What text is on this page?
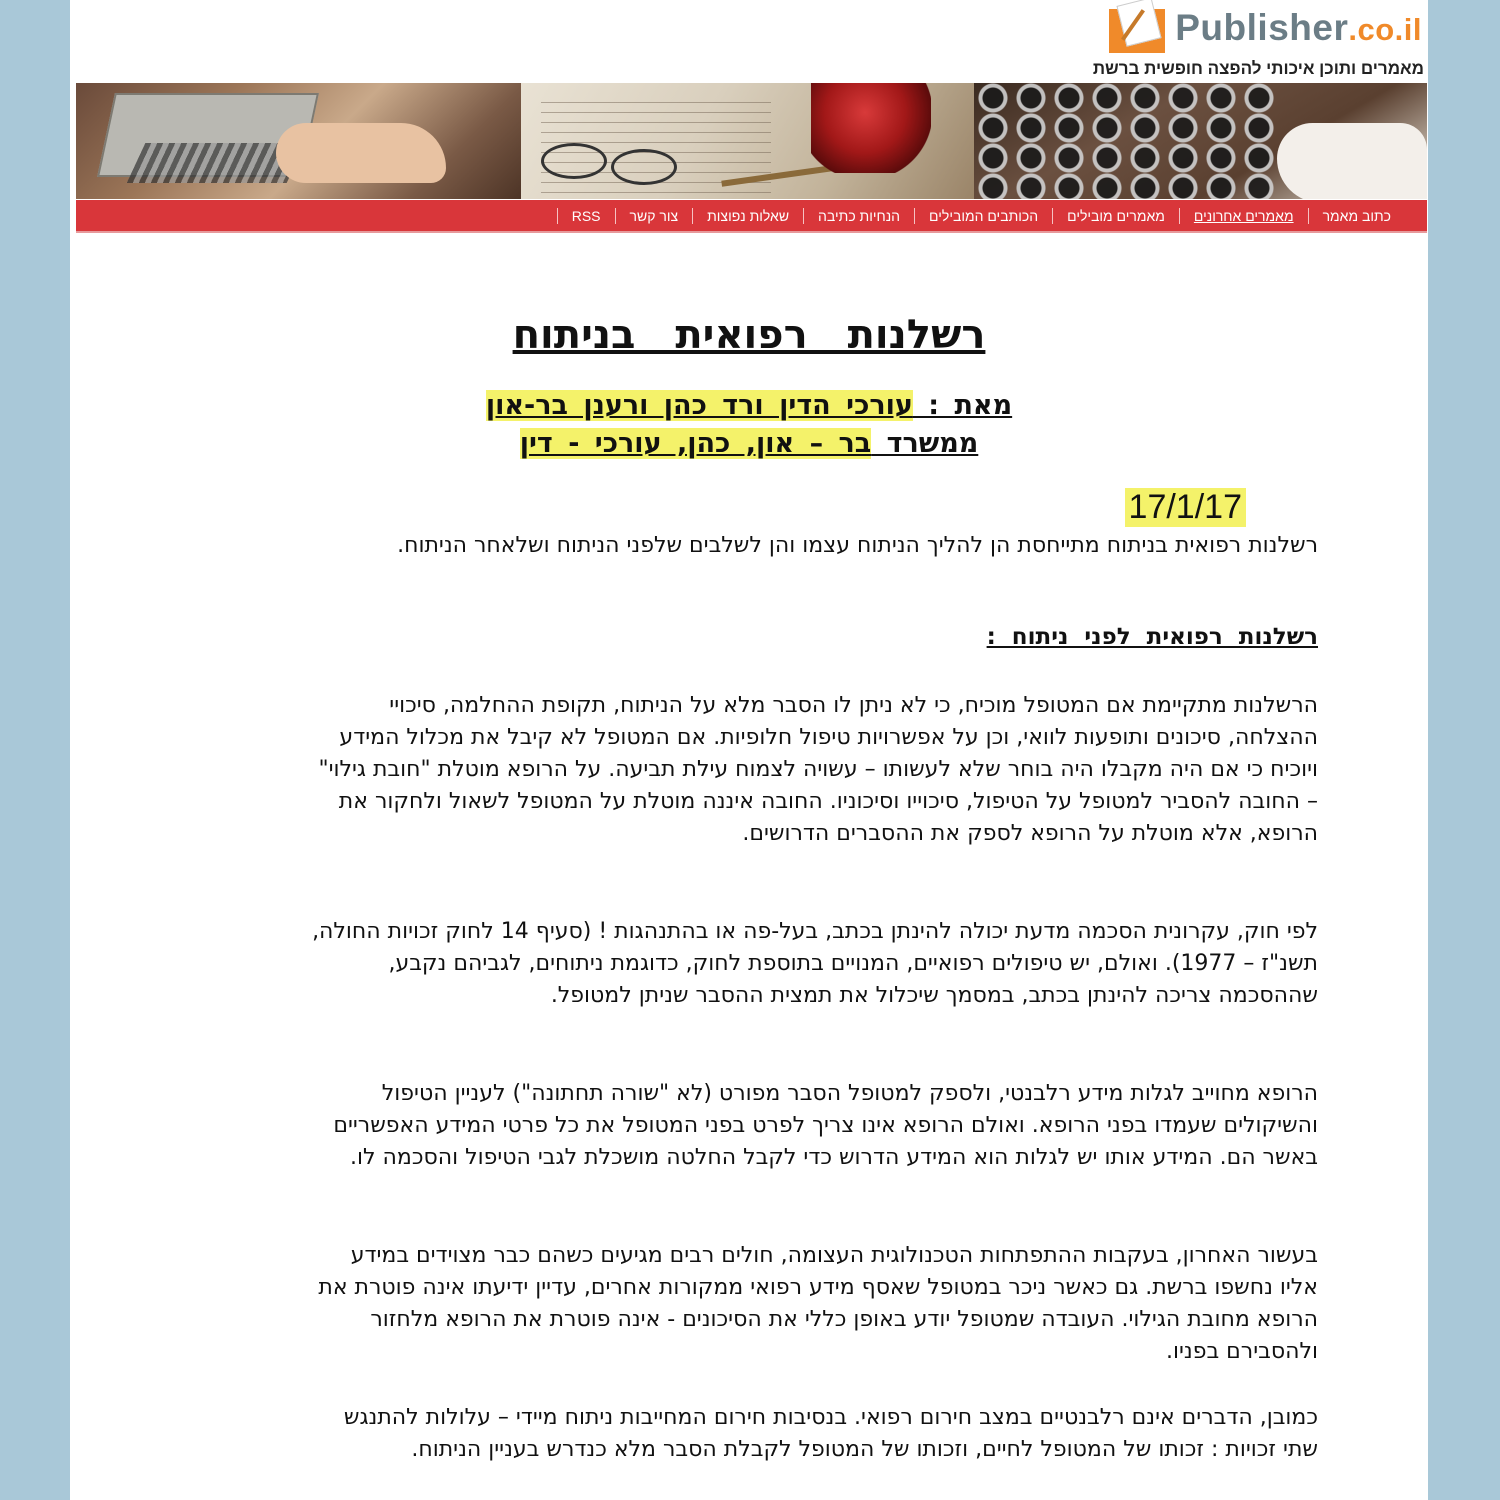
Publisher.co.il
מאמרים ותוכן איכותי להפצה חופשית ברשת
כתוב מאמר
מאמרים אחרונים
מאמרים מובילים
הכותבים המובילים
הנחיות כתיבה
שאלות נפוצות
צור קשר
RSS
רשלנות רפואית בניתוח
מאת : עורכי הדין ורד כהן ורענן בר-און
ממשרד בר – און, כהן, עורכי - דין
17/1/17
רשלנות רפואית בניתוח מתייחסת הן להליך הניתוח עצמו והן לשלבים שלפני הניתוח ושלאחר הניתוח.
רשלנות רפואית לפני ניתוח :
הרשלנות מתקיימת אם המטופל מוכיח, כי לא ניתן לו הסבר מלא על הניתוח, תקופת ההחלמה, סיכויי ההצלחה, סיכונים ותופעות לוואי, וכן על אפשרויות טיפול חלופיות. אם המטופל לא קיבל את מכלול המידע ויוכיח כי אם היה מקבלו היה בוחר שלא לעשותו – עשויה לצמוח עילת תביעה. על הרופא מוטלת "חובת גילוי" – החובה להסביר למטופל על הטיפול, סיכוייו וסיכוניו. החובה איננה מוטלת על המטופל לשאול ולחקור את הרופא, אלא מוטלת על הרופא לספק את ההסברים הדרושים.
לפי חוק, עקרונית הסכמה מדעת יכולה להינתן בכתב, בעל-פה או בהתנהגות ! (סעיף 14 לחוק זכויות החולה, תשנ"ז – 1977). ואולם, יש טיפולים רפואיים, המנויים בתוספת לחוק, כדוגמת ניתוחים, לגביהם נקבע, שההסכמה צריכה להינתן בכתב, במסמך שיכלול את תמצית ההסבר שניתן למטופל.
הרופא מחוייב לגלות מידע רלבנטי, ולספק למטופל הסבר מפורט (לא "שורה תחתונה") לעניין הטיפול והשיקולים שעמדו בפני הרופא. ואולם הרופא אינו צריך לפרט בפני המטופל את כל פרטי המידע האפשריים באשר הם. המידע אותו יש לגלות הוא המידע הדרוש כדי לקבל החלטה מושכלת לגבי הטיפול והסכמה לו.
בעשור האחרון, בעקבות ההתפתחות הטכנולוגית העצומה, חולים רבים מגיעים כשהם כבר מצוידים במידע אליו נחשפו ברשת. גם כאשר ניכר במטופל שאסף מידע רפואי ממקורות אחרים, עדיין ידיעתו אינה פוטרת את הרופא מחובת הגילוי. העובדה שמטופל יודע באופן כללי את הסיכונים - אינה פוטרת את הרופא מלחזור ולהסבירם בפניו.
כמובן, הדברים אינם רלבנטיים במצב חירום רפואי. בנסיבות חירום המחייבות ניתוח מיידי – עלולות להתנגש שתי זכויות : זכותו של המטופל לחיים, וזכותו של המטופל לקבלת הסבר מלא כנדרש בעניין הניתוח.
